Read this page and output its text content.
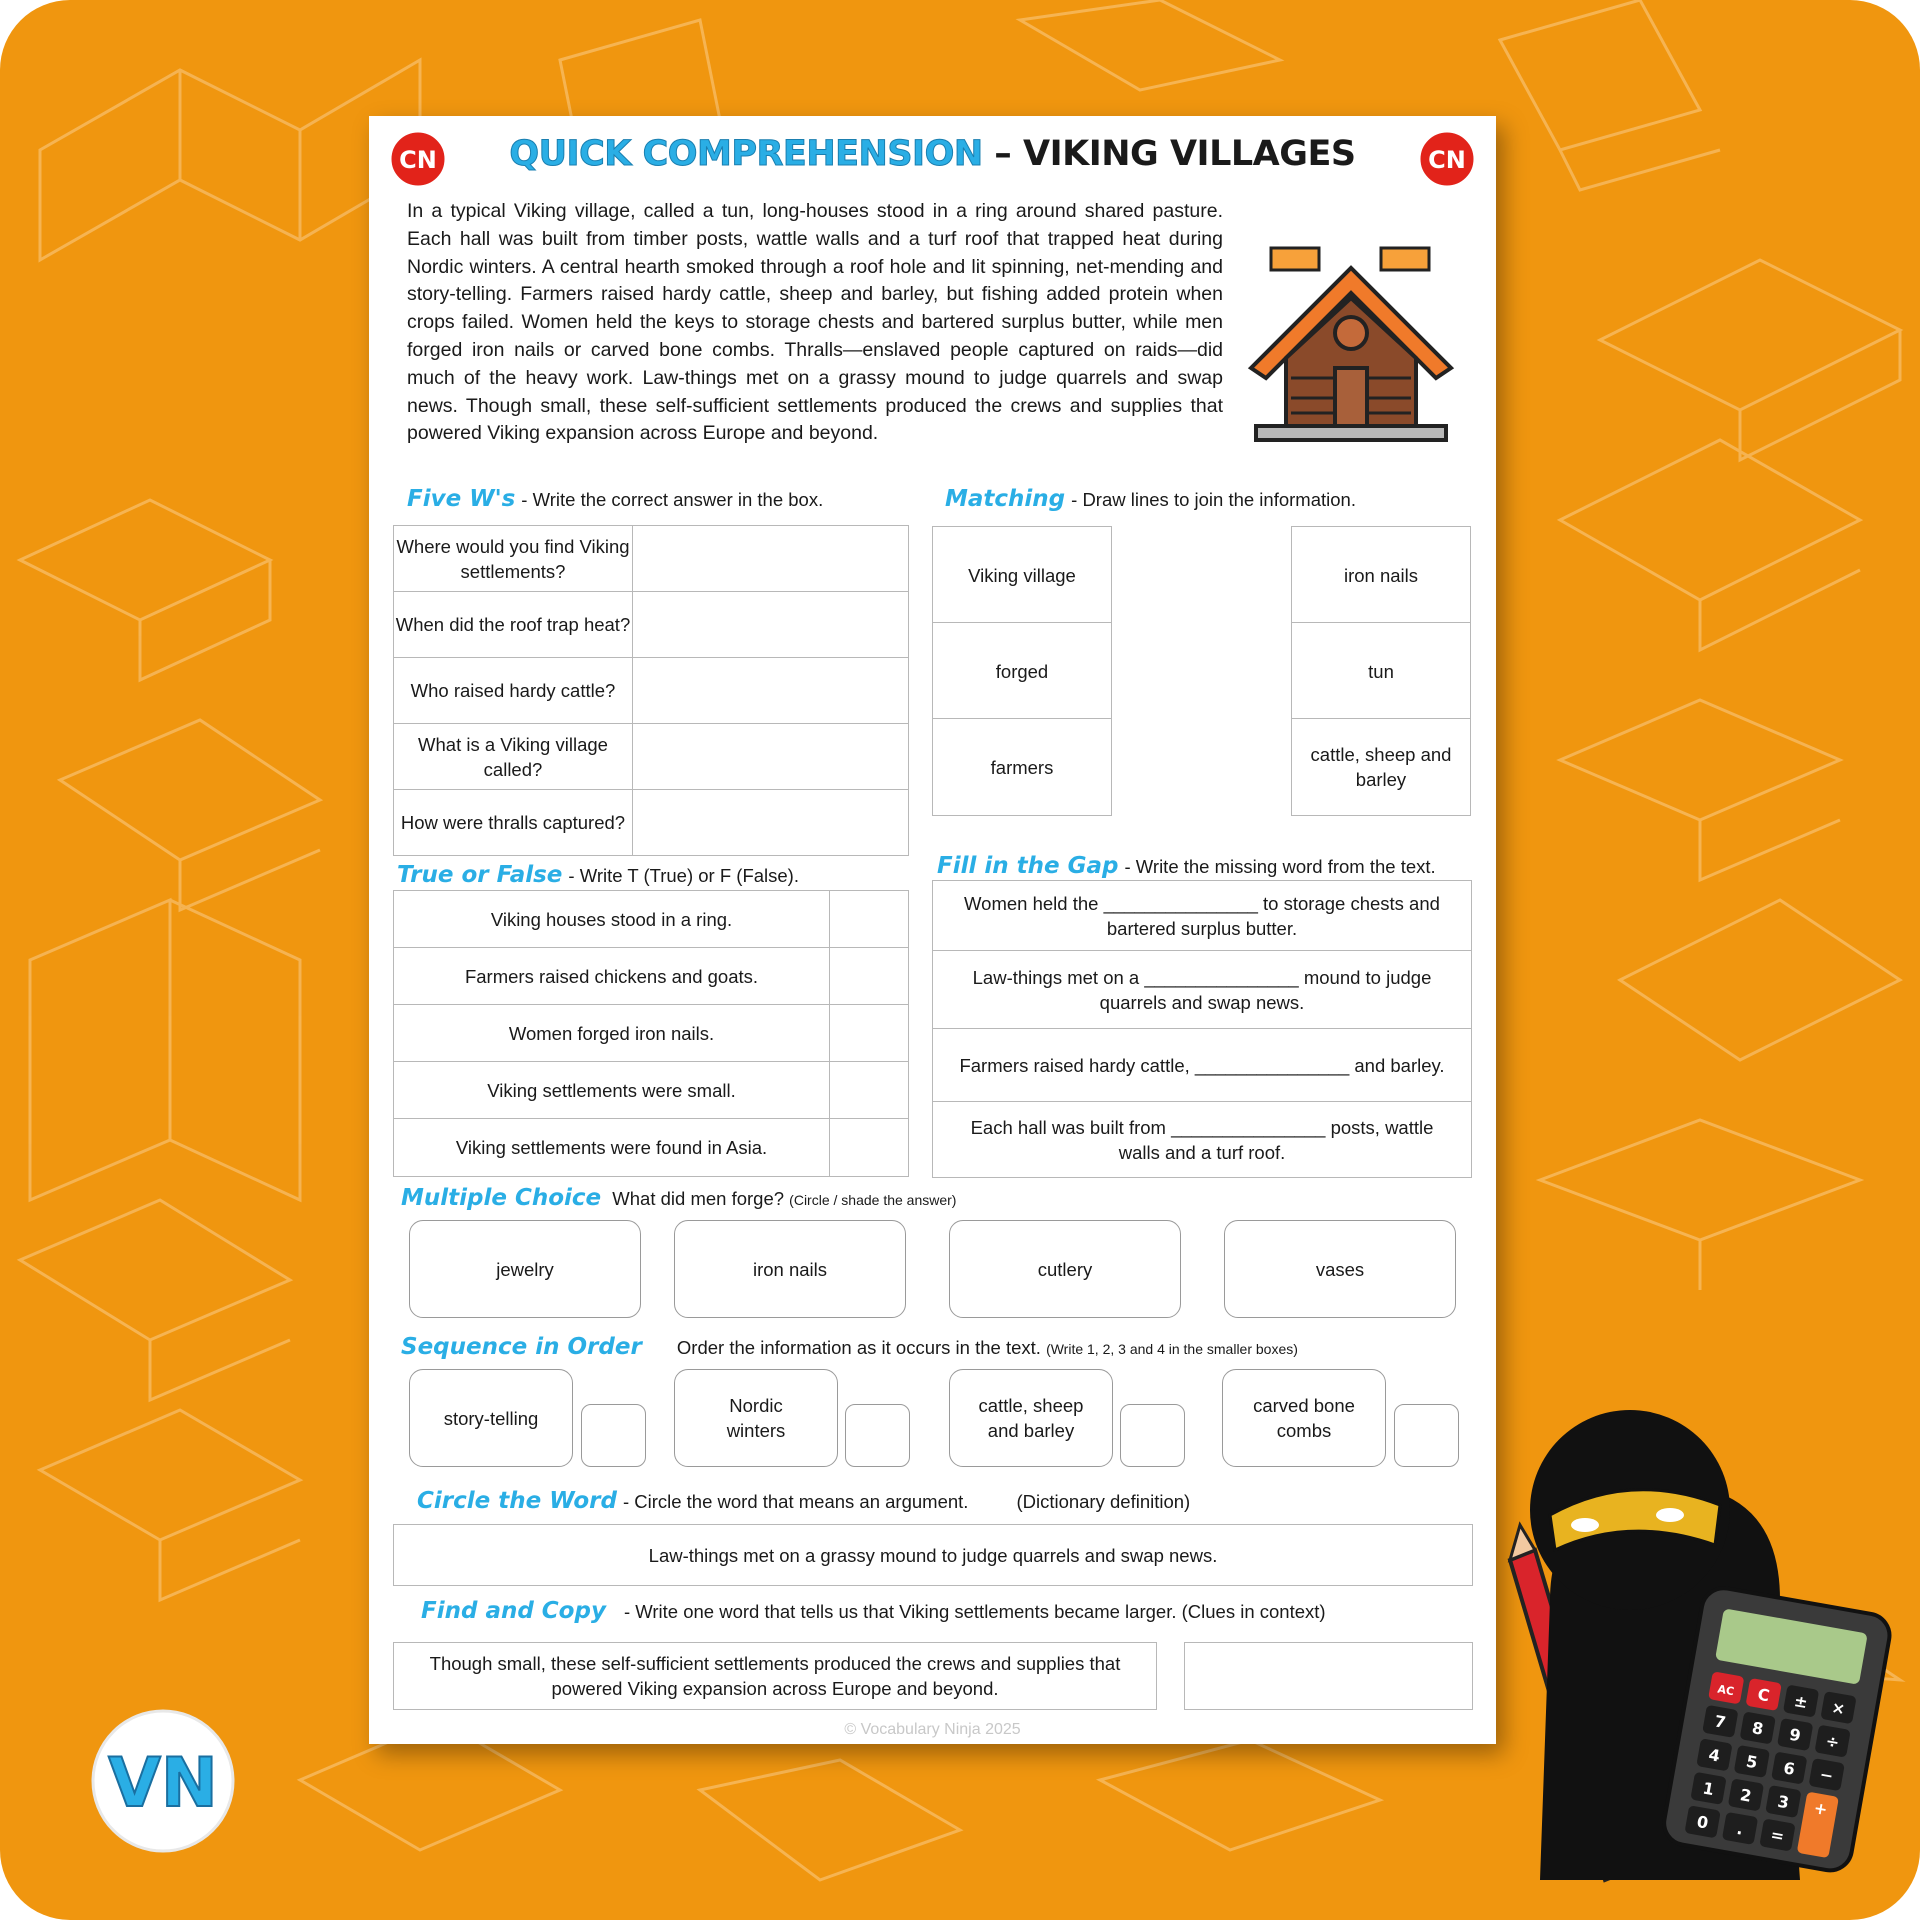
CN	CN
QUICK COMPREHENSION – VIKING VILLAGES
In a typical Viking village, called a tun, long-houses stood in a ring around shared pasture. Each hall was built from timber posts, wattle walls and a turf roof that trapped heat during Nordic winters. A central hearth smoked through a roof hole and lit spinning, net-mending and story-telling. Farmers raised hardy cattle, sheep and barley, but fishing added protein when crops failed. Women held the keys to storage chests and bartered surplus butter, while men forged iron nails or carved bone combs. Thralls—enslaved people captured on raids—did much of the heavy work. Law-things met on a grassy mound to judge quarrels and swap news. Though small, these self-sufficient settlements produced the crews and supplies that powered Viking expansion across Europe and beyond.
Five W's - Write the correct answer in the box.
Where would you find Viking settlements?
When did the roof trap heat?
Who raised hardy cattle?
What is a Viking village called?
How were thralls captured?
Matching - Draw lines to join the information.
Viking village
forged
farmers
iron nails
tun
cattle, sheep and barley
True or False - Write T (True) or F (False).
Viking houses stood in a ring.
Farmers raised chickens and goats.
Women forged iron nails.
Viking settlements were small.
Viking settlements were found in Asia.
Fill in the Gap - Write the missing word from the text.
Women held the _______________ to storage chests and
bartered surplus butter.
Law-things met on a _______________ mound to judge
quarrels and swap news.
Farmers raised hardy cattle, _______________ and barley.
Each hall was built from _______________ posts, wattle
walls and a turf roof.
Multiple Choice What did men forge? (Circle / shade the answer)
jewelry	iron nails	cutlery	vases
Sequence in Order Order the information as it occurs in the text. (Write 1, 2, 3 and 4 in the smaller boxes)
story-telling
Nordic winters
cattle, sheep and barley
carved bone combs
Circle the Word - Circle the word that means an argument.	(Dictionary definition)
Law-things met on a grassy mound to judge quarrels and swap news.
Find and Copy - Write one word that tells us that Viking settlements became larger. (Clues in context)
Though small, these self-sufficient settlements produced the crews and supplies that powered Viking expansion across Europe and beyond.
© Vocabulary Ninja 2025
VN
AC C ± ×
7 8 9 ÷
4 5 6 −
1 2 3 +
0 . =
